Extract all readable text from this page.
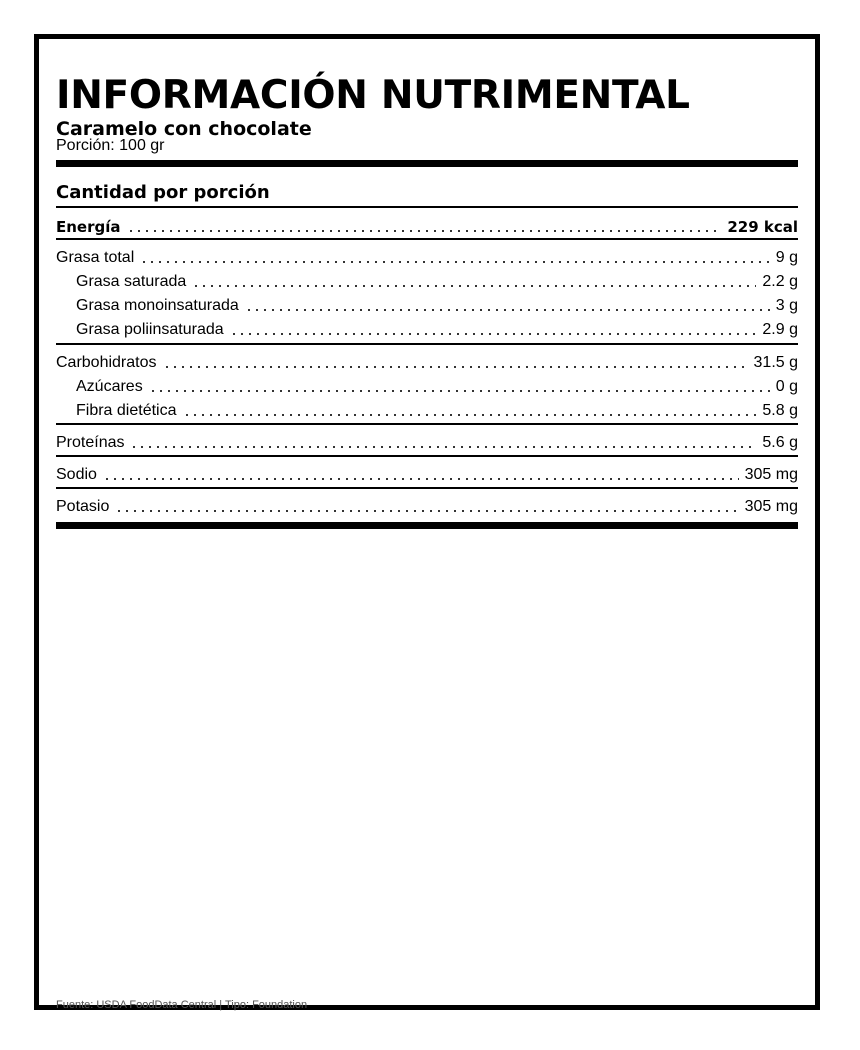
INFORMACIÓN NUTRIMENTAL
Caramelo con chocolate
Porción: 100 gr
Cantidad por porción
Energía	229 kcal
Grasa total	9 g
Grasa saturada	2.2 g
Grasa monoinsaturada	3 g
Grasa poliinsaturada	2.9 g
Carbohidratos	31.5 g
Azúcares	0 g
Fibra dietética	5.8 g
Proteínas	5.6 g
Sodio	305 mg
Potasio	305 mg
Fuente: USDA FoodData Central | Tipo: Foundation
